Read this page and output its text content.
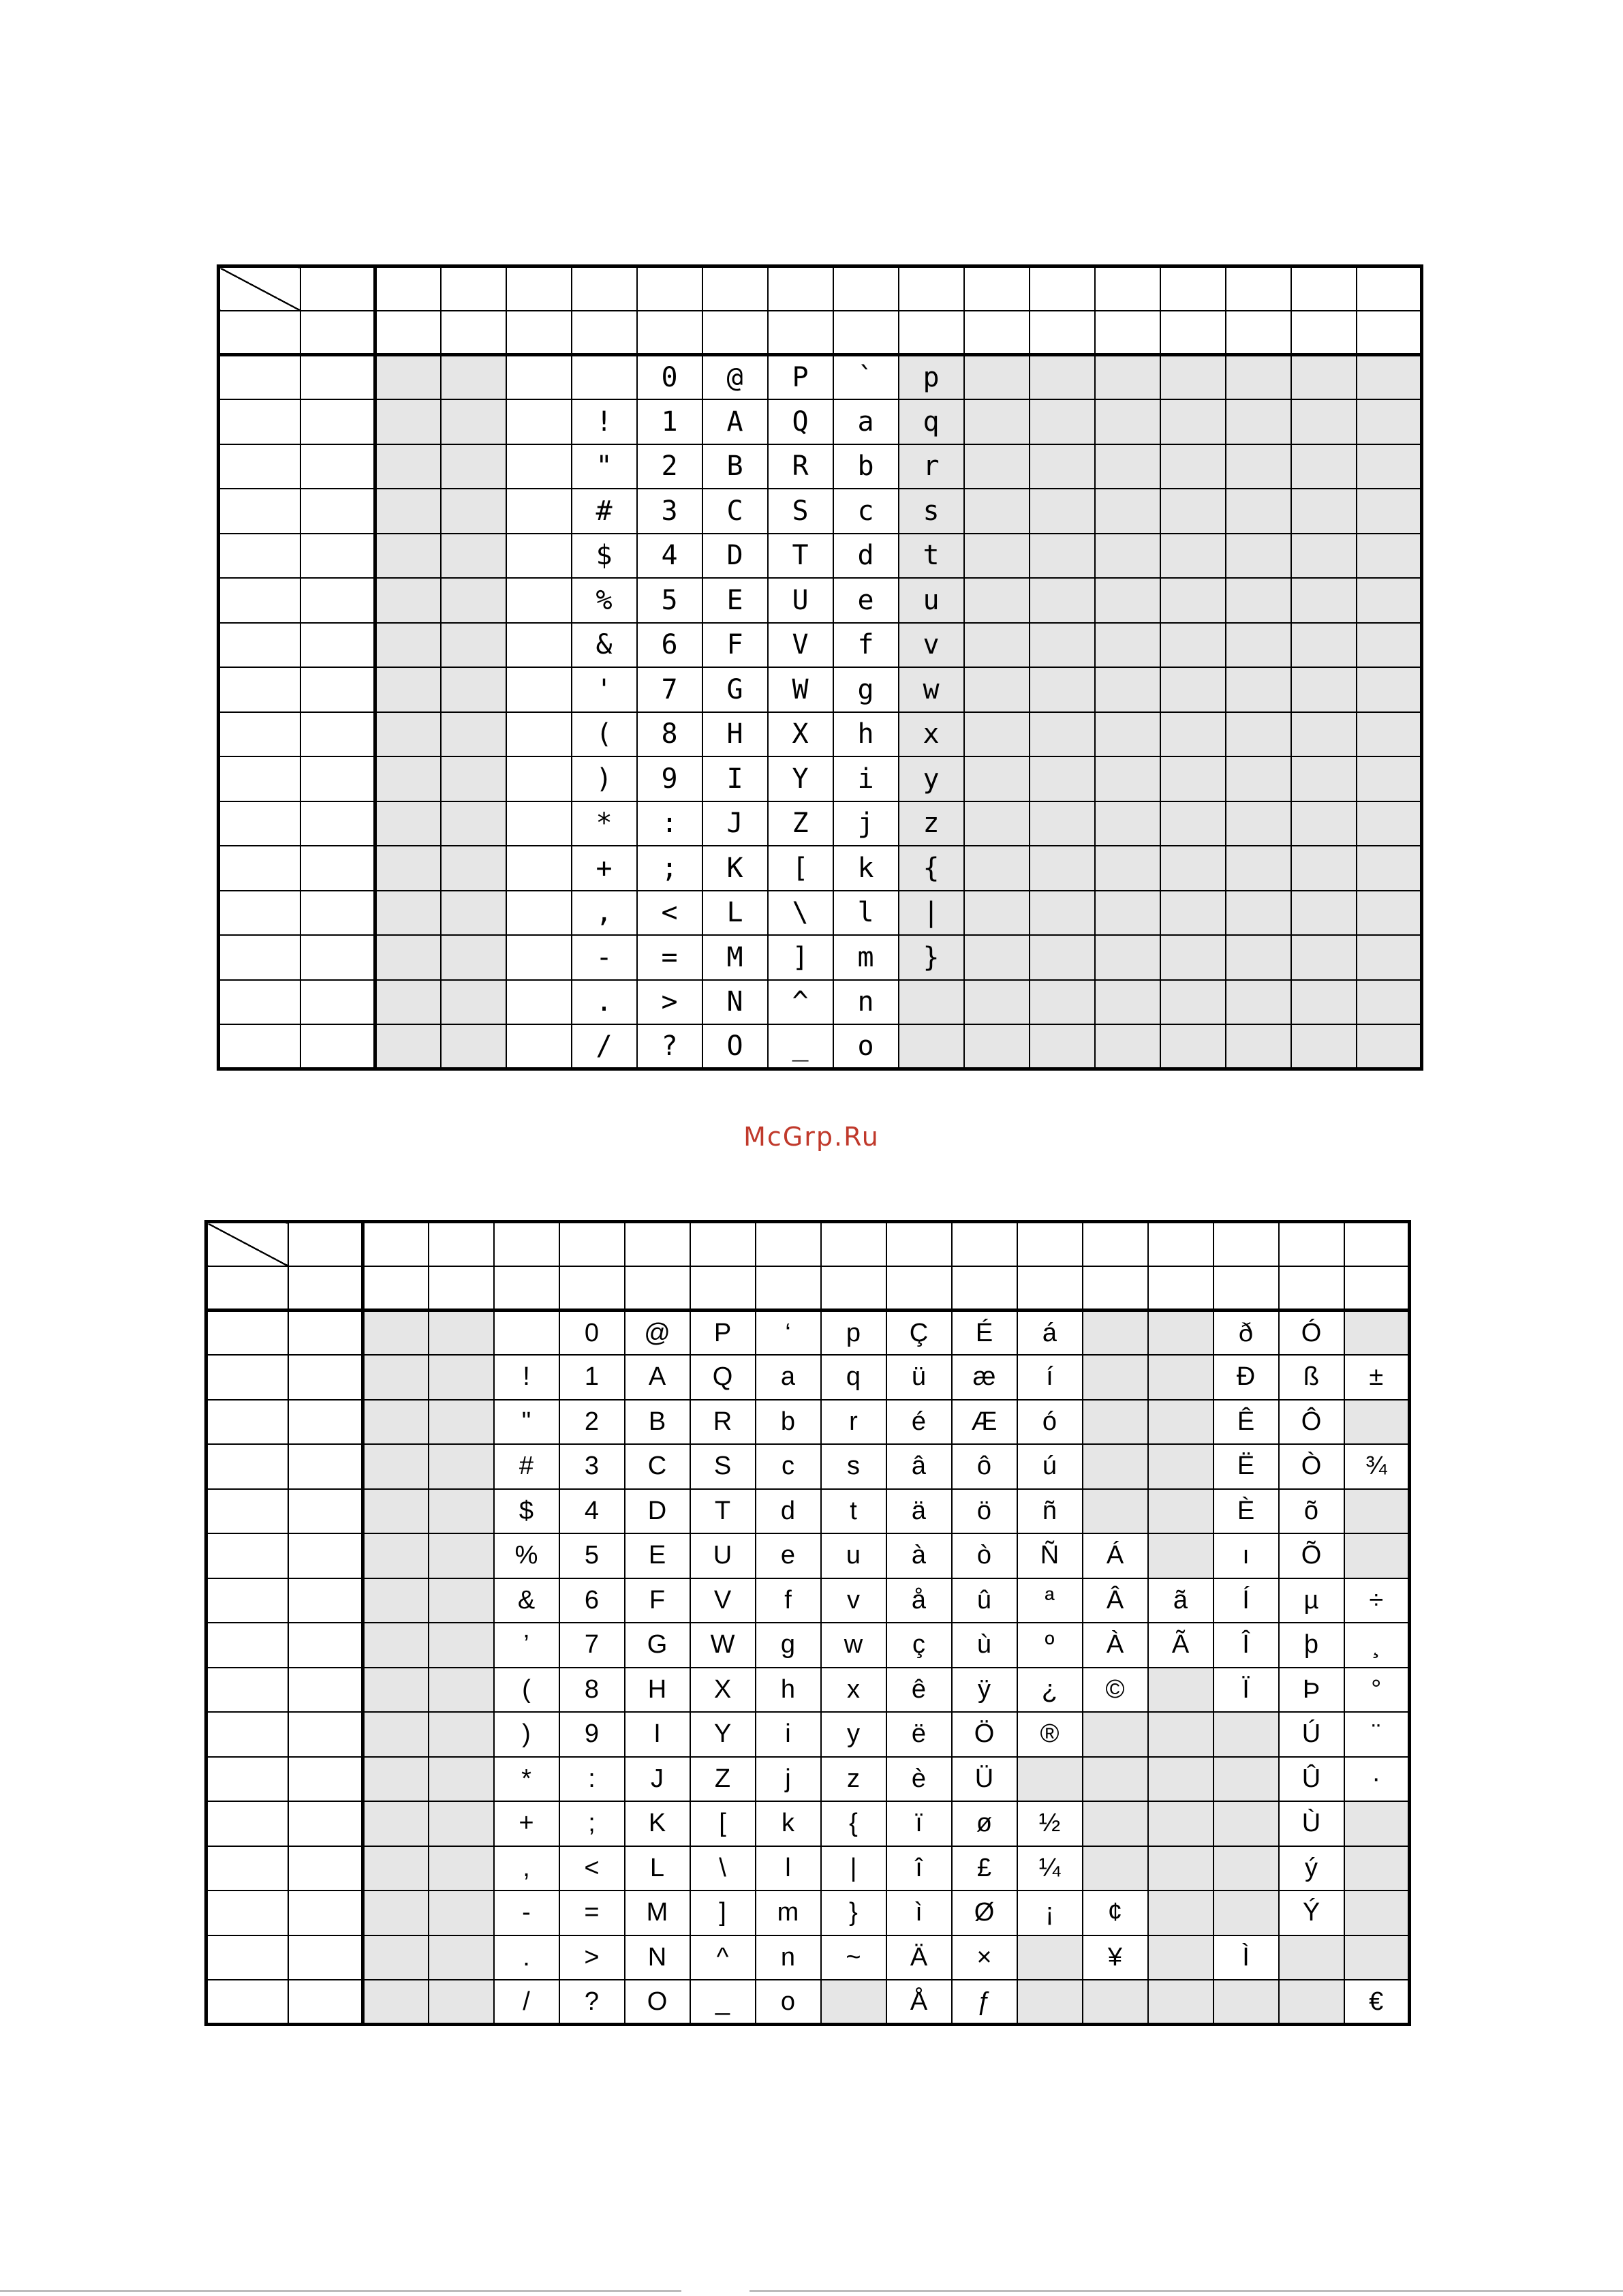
						0	@	P	`	p							
					!	1	A	Q	a	q							
					"	2	B	R	b	r							
					#	3	C	S	c	s							
					$	4	D	T	d	t							
					%	5	E	U	e	u							
					&	6	F	V	f	v							
					'	7	G	W	g	w							
					(	8	H	X	h	x							
					)	9	I	Y	i	y							
					*	:	J	Z	j	z							
					+	;	K	[	k	{							
					,	<	L	\	l	|							
					-	=	M	]	m	}							
					.	>	N	^	n								
					/	?	O	_	o								
McGrp.Ru

					0	@	P	‘	p	Ç	É	á			ð	Ó	
				!	1	A	Q	a	q	ü	æ	í			Ð	ß	±
				"	2	B	R	b	r	é	Æ	ó			Ê	Ô	
				#	3	C	S	c	s	â	ô	ú			Ë	Ò	¾
				$	4	D	T	d	t	ä	ö	ñ			È	õ	
				%	5	E	U	e	u	à	ò	Ñ	Á		ı	Õ	
				&	6	F	V	f	v	å	û	ª	Â	ã	Í	µ	÷
				’	7	G	W	g	w	ç	ù	º	À	Ã	Î	þ	¸
				(	8	H	X	h	x	ê	ÿ	¿	©		Ï	Þ	°
				)	9	I	Y	i	y	ë	Ö	®				Ú	¨
				*	:	J	Z	j	z	è	Ü					Û	·
				+	;	K	[	k	{	ï	ø	½				Ù	
				,	<	L	\	l	|	î	£	¼				ý	
				-	=	M	]	m	}	ì	Ø	¡	¢			Ý	
				.	>	N	^	n	~	Ä	×		¥		Ì		
				/	?	O	_	o		Å	ƒ						€
